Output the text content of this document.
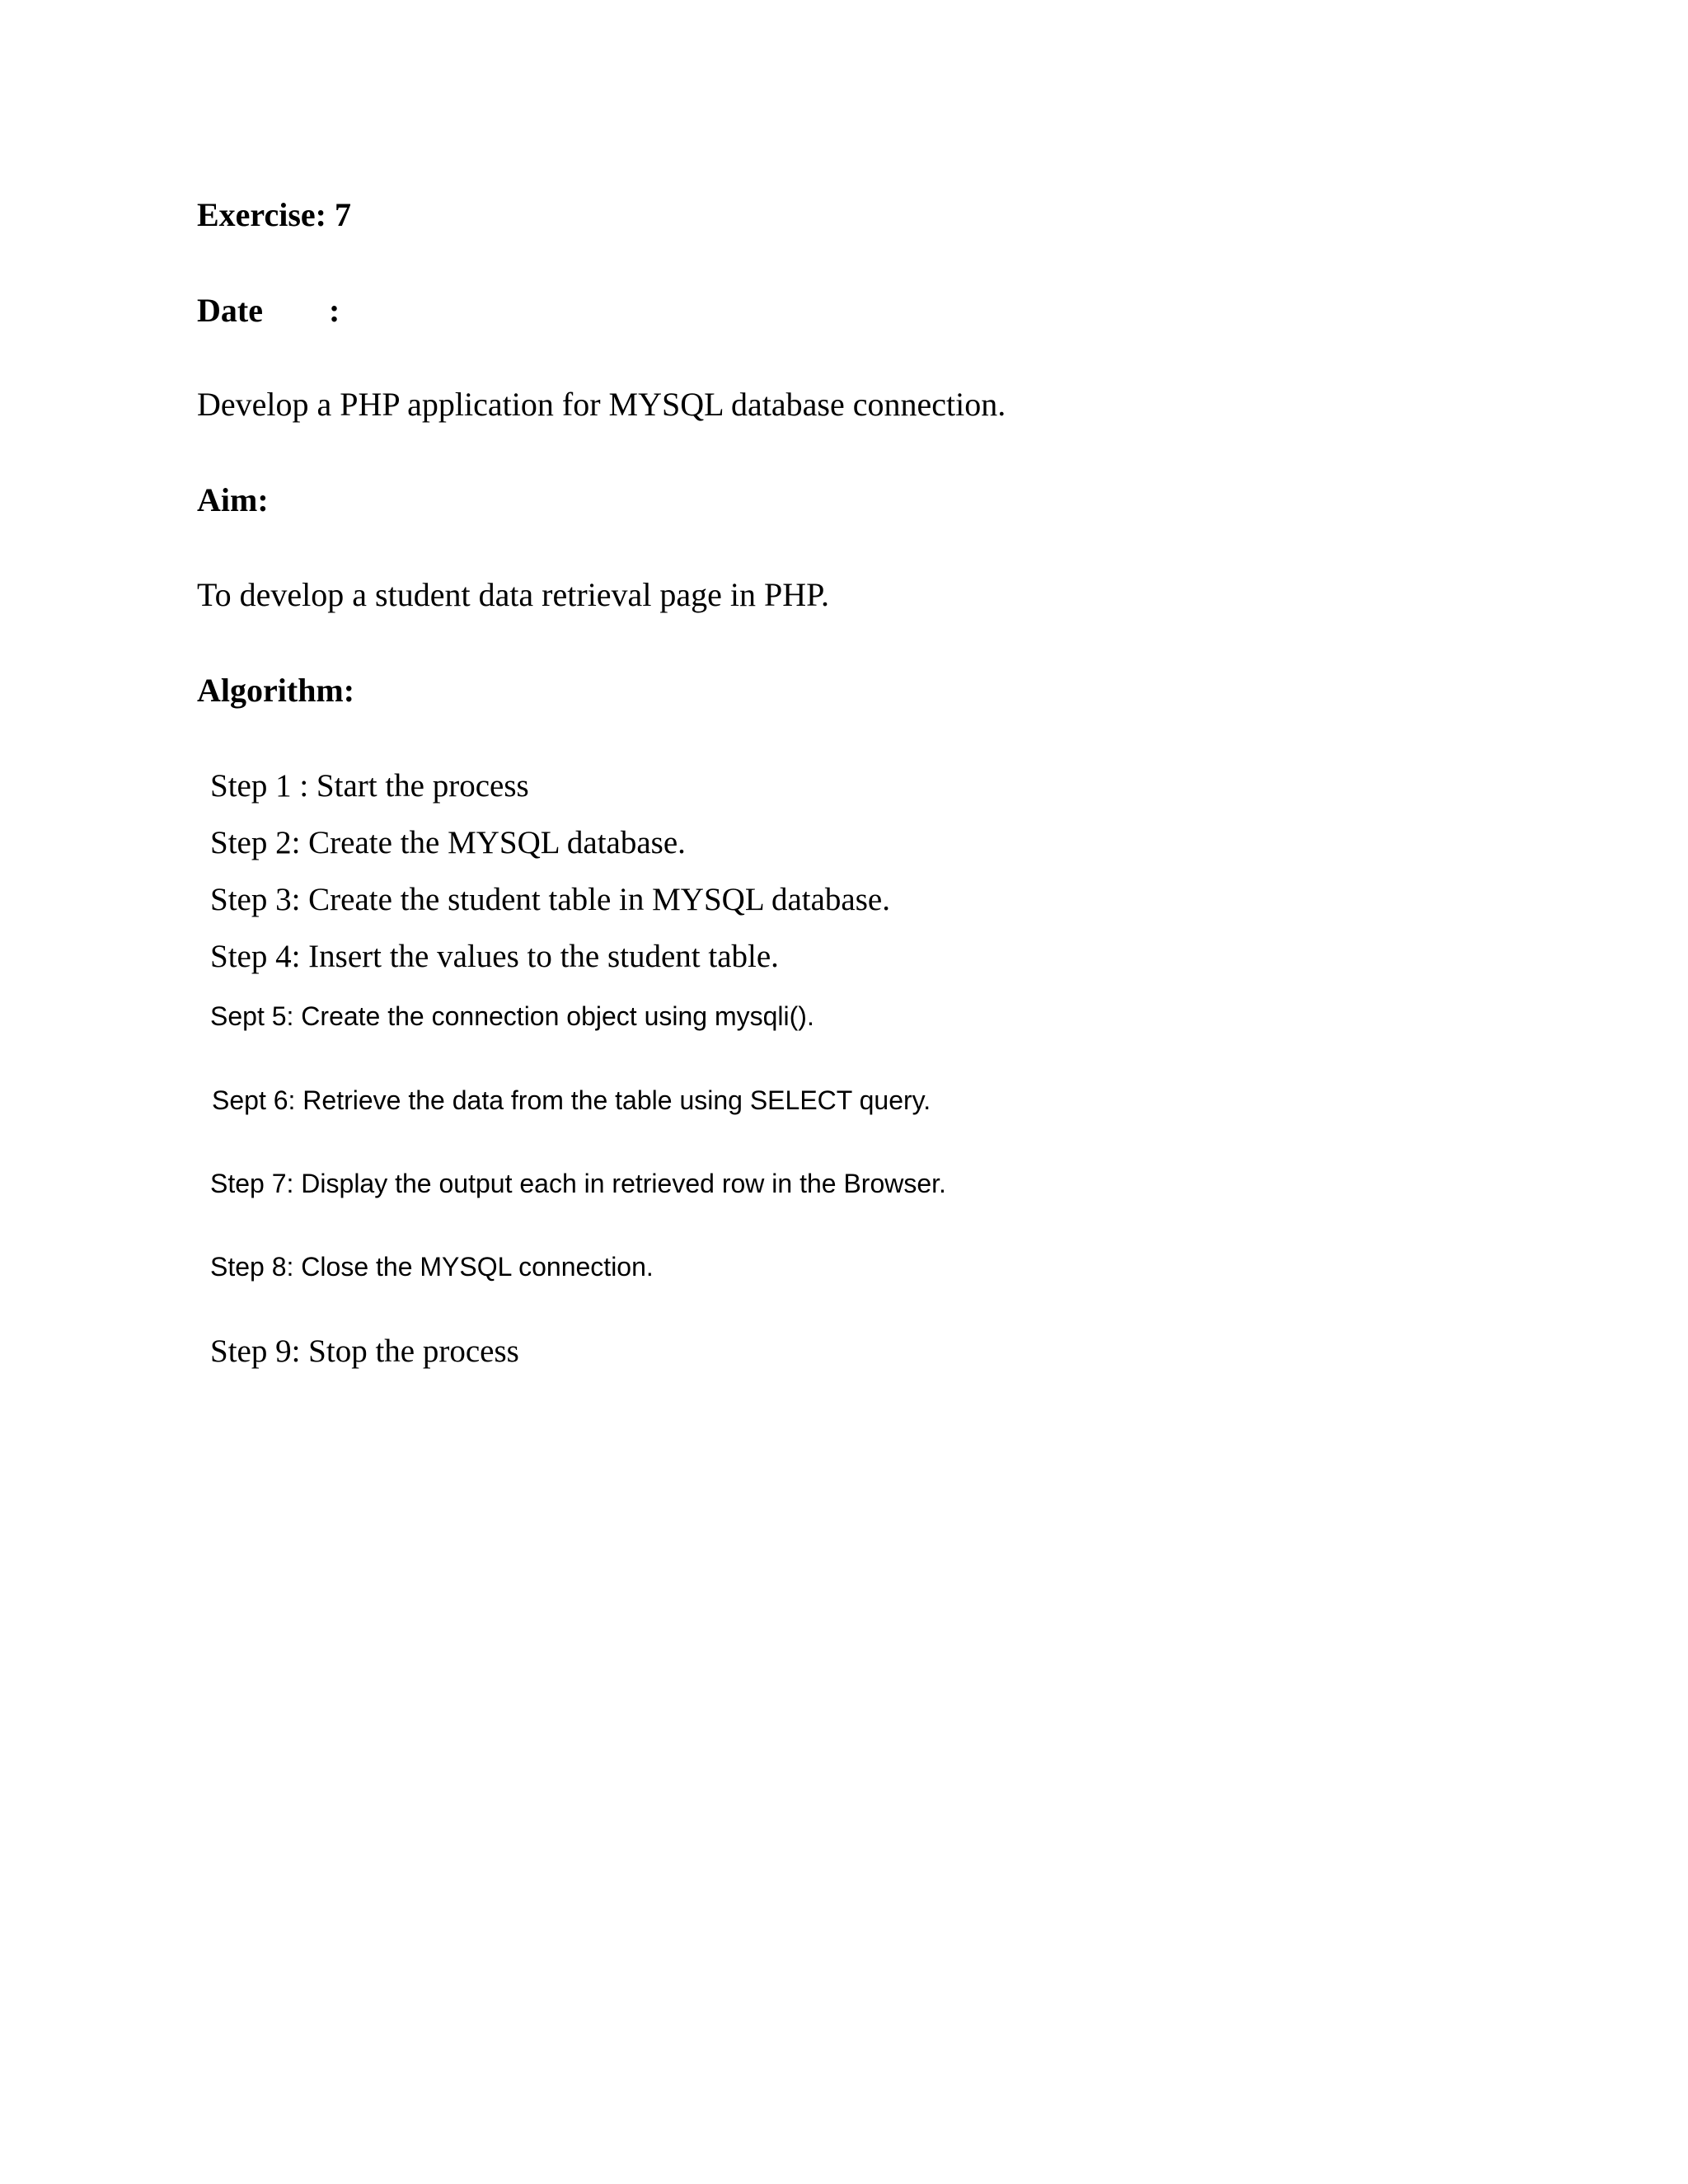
Exercise: 7
Date :
Develop a PHP application for MYSQL database connection.
Aim:
To develop a student data retrieval page in PHP.
Algorithm:
Step 1 : Start the process
Step 2: Create the MYSQL database.
Step 3: Create the student table in MYSQL database.
Step 4: Insert the values to the student table.
Sept 5: Create the connection object using mysqli().
Sept 6: Retrieve the data from the table using SELECT query.
Step 7: Display the output each in retrieved row in the Browser.
Step 8: Close the MYSQL connection.
Step 9: Stop the process
